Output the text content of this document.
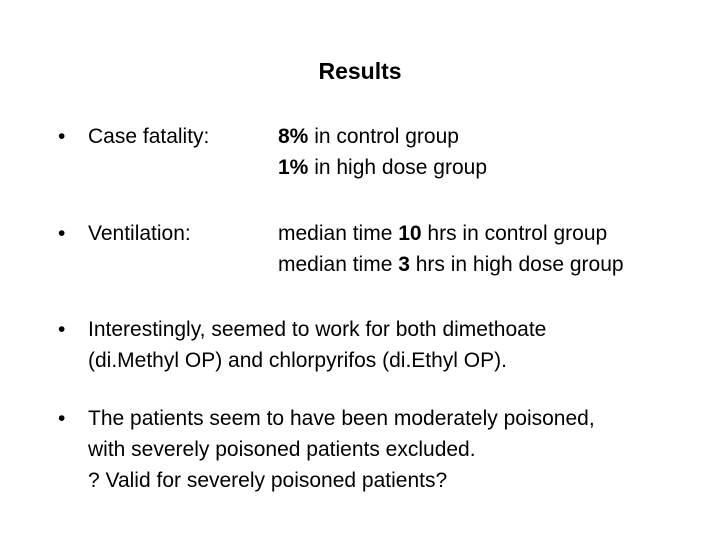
Results
• Case fatality:	8% in control group
1% in high dose group
• Ventilation:	median time 10 hrs in control group
median time 3 hrs in high dose group
•	Interestingly, seemed to work for both dimethoate
(di.Methyl OP) and chlorpyrifos (di.Ethyl OP).
•	The patients seem to have been moderately poisoned,
with severely poisoned patients excluded.
? Valid for severely poisoned patients?
